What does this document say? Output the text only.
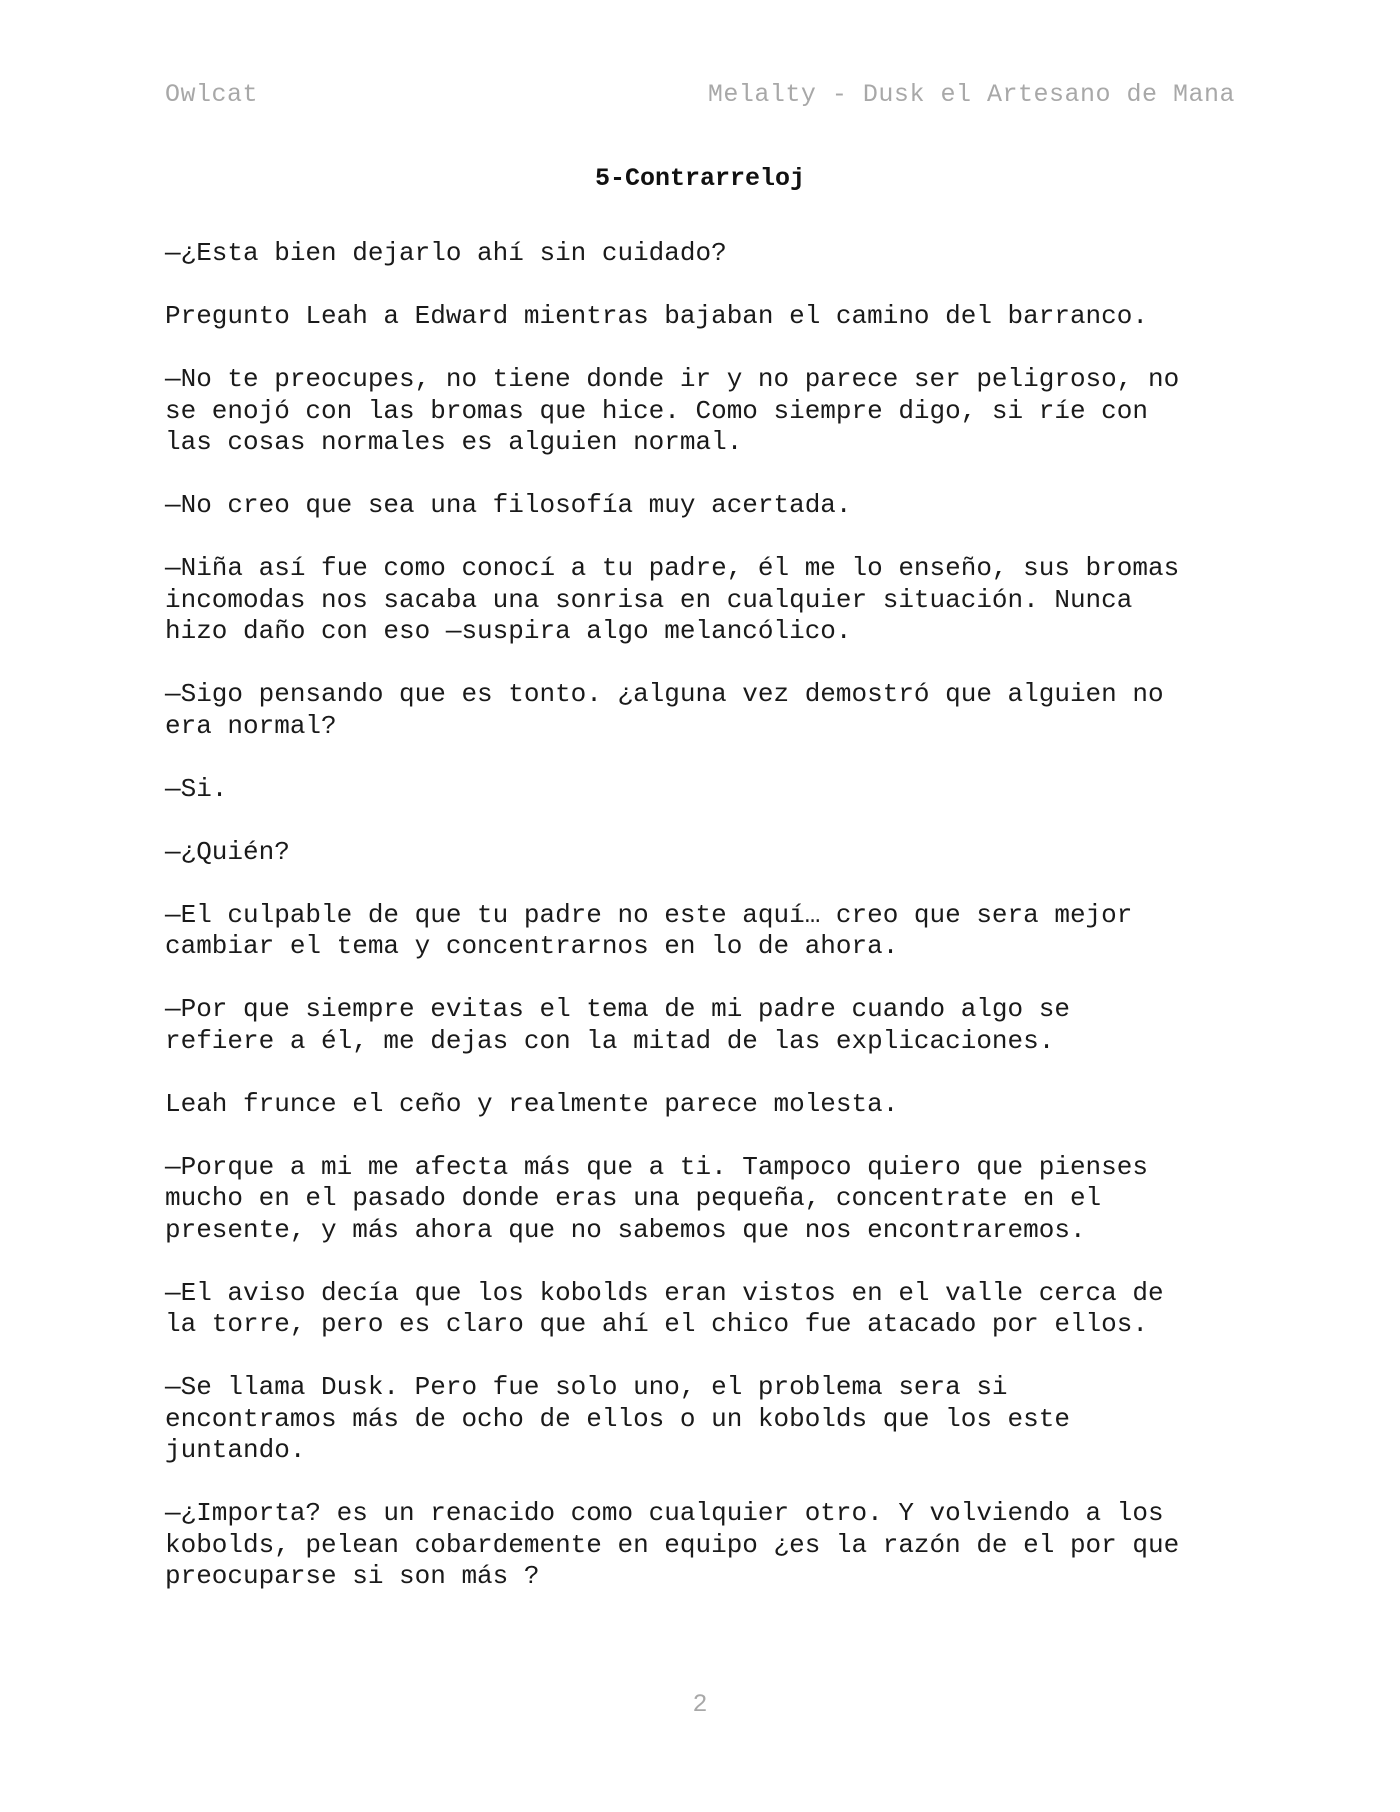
Owlcat	Melalty - Dusk el Artesano de Mana
5-Contrarreloj

—¿Esta bien dejarlo ahí sin cuidado?

Pregunto Leah a Edward mientras bajaban el camino del barranco.

—No te preocupes, no tiene donde ir y no parece ser peligroso, no
se enojó con las bromas que hice. Como siempre digo, si ríe con
las cosas normales es alguien normal.

—No creo que sea una filosofía muy acertada.

—Niña así fue como conocí a tu padre, él me lo enseño, sus bromas
incomodas nos sacaba una sonrisa en cualquier situación. Nunca
hizo daño con eso —suspira algo melancólico.

—Sigo pensando que es tonto. ¿alguna vez demostró que alguien no
era normal?

—Si.

—¿Quién?

—El culpable de que tu padre no este aquí… creo que sera mejor
cambiar el tema y concentrarnos en lo de ahora.

—Por que siempre evitas el tema de mi padre cuando algo se
refiere a él, me dejas con la mitad de las explicaciones.

Leah frunce el ceño y realmente parece molesta.

—Porque a mi me afecta más que a ti. Tampoco quiero que pienses
mucho en el pasado donde eras una pequeña, concentrate en el
presente, y más ahora que no sabemos que nos encontraremos.

—El aviso decía que los kobolds eran vistos en el valle cerca de
la torre, pero es claro que ahí el chico fue atacado por ellos.

—Se llama Dusk. Pero fue solo uno, el problema sera si
encontramos más de ocho de ellos o un kobolds que los este
juntando.

—¿Importa? es un renacido como cualquier otro. Y volviendo a los
kobolds, pelean cobardemente en equipo ¿es la razón de el por que
preocuparse si son más ?

2
